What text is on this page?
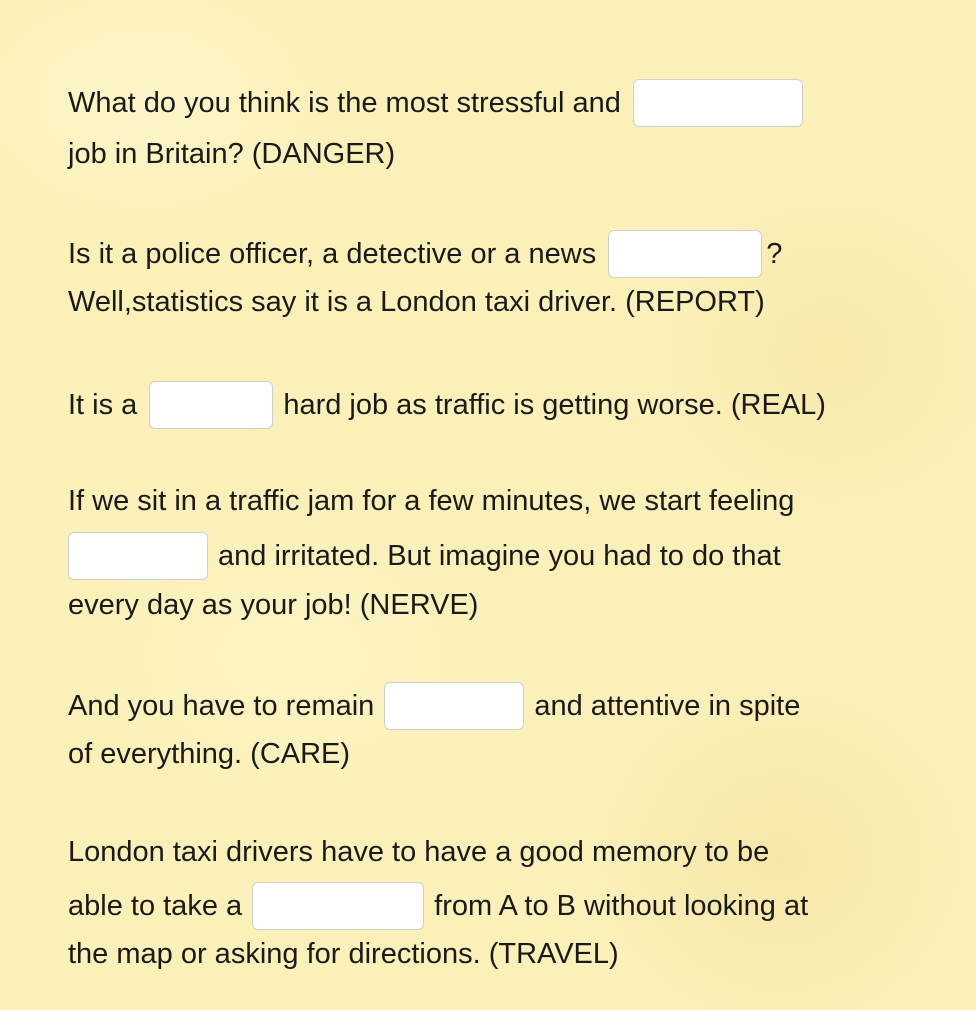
What do you think is the most stressful and
job in Britain? (DANGER)
Is it a police officer, a detective or a news	?
Well,statistics say it is a London taxi driver. (REPORT)
It is a	hard job as traffic is getting worse. (REAL)
If we sit in a traffic jam for a few minutes, we start feeling
and irritated. But imagine you had to do that
every day as your job! (NERVE)
And you have to remain	and attentive in spite
of everything. (CARE)
London taxi drivers have to have a good memory to be
able to take a	from A to B without looking at
the map or asking for directions. (TRAVEL)
